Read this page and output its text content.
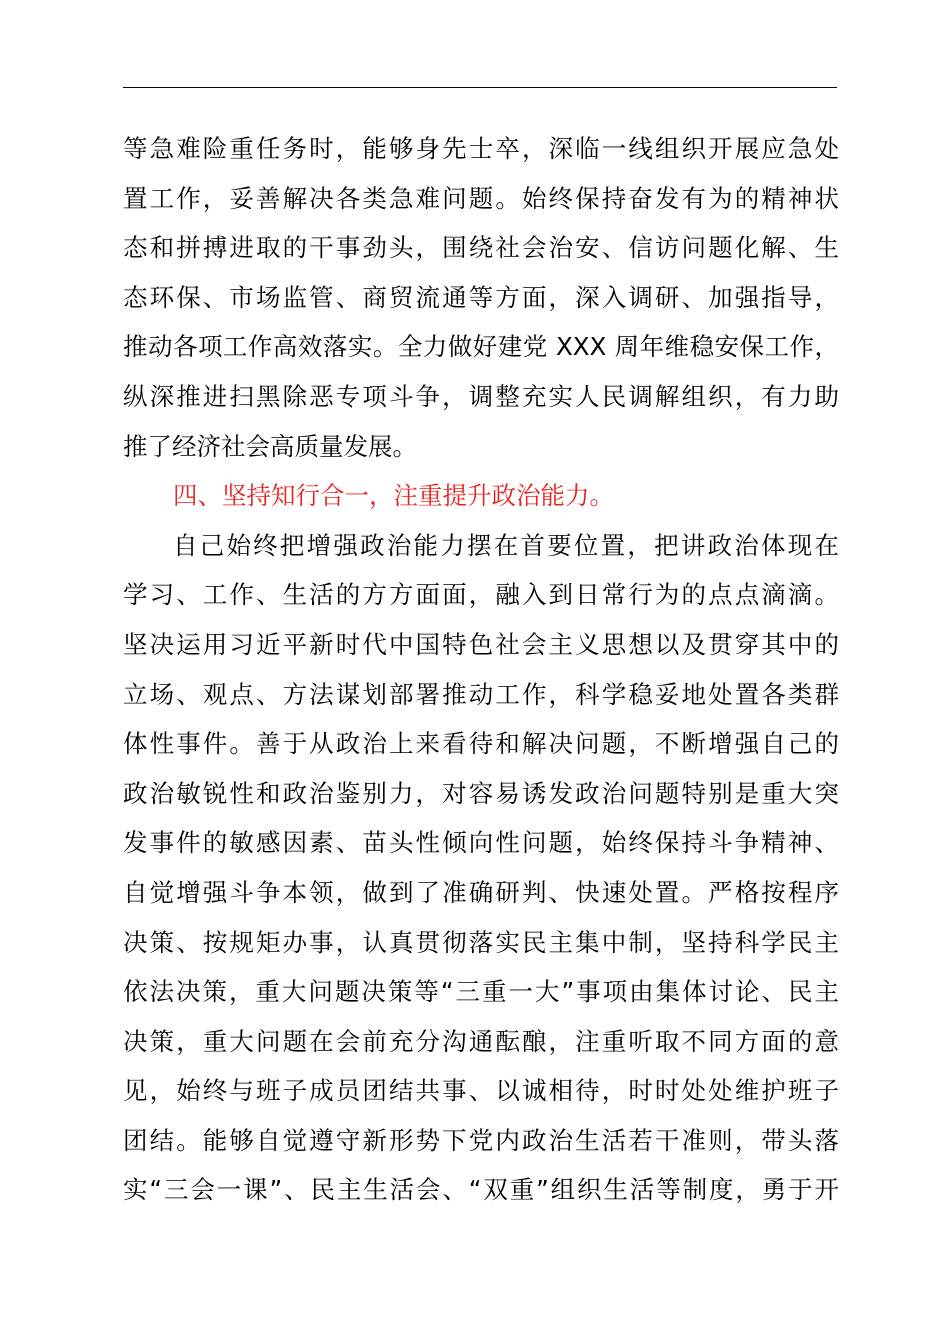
等急难险重任务时，能够身先士卒，深临一线组织开展应急处
置工作，妥善解决各类急难问题。始终保持奋发有为的精神状
态和拼搏进取的干事劲头，围绕社会治安、信访问题化解、生
态环保、市场监管、商贸流通等方面，深入调研、加强指导，
推动各项工作高效落实。全力做好建党 XXX 周年维稳安保工作，
纵深推进扫黑除恶专项斗争，调整充实人民调解组织，有力助
推了经济社会高质量发展。
四、坚持知行合一，注重提升政治能力。
自己始终把增强政治能力摆在首要位置，把讲政治体现在
学习、工作、生活的方方面面，融入到日常行为的点点滴滴。
坚决运用习近平新时代中国特色社会主义思想以及贯穿其中的
立场、观点、方法谋划部署推动工作，科学稳妥地处置各类群
体性事件。善于从政治上来看待和解决问题，不断增强自己的
政治敏锐性和政治鉴别力，对容易诱发政治问题特别是重大突
发事件的敏感因素、苗头性倾向性问题，始终保持斗争精神、
自觉增强斗争本领，做到了准确研判、快速处置。严格按程序
决策、按规矩办事，认真贯彻落实民主集中制，坚持科学民主
依法决策，重大问题决策等“三重一大”事项由集体讨论、民主
决策，重大问题在会前充分沟通酝酿，注重听取不同方面的意
见，始终与班子成员团结共事、以诚相待，时时处处维护班子
团结。能够自觉遵守新形势下党内政治生活若干准则，带头落
实“三会一课”、民主生活会、“双重”组织生活等制度，勇于开
